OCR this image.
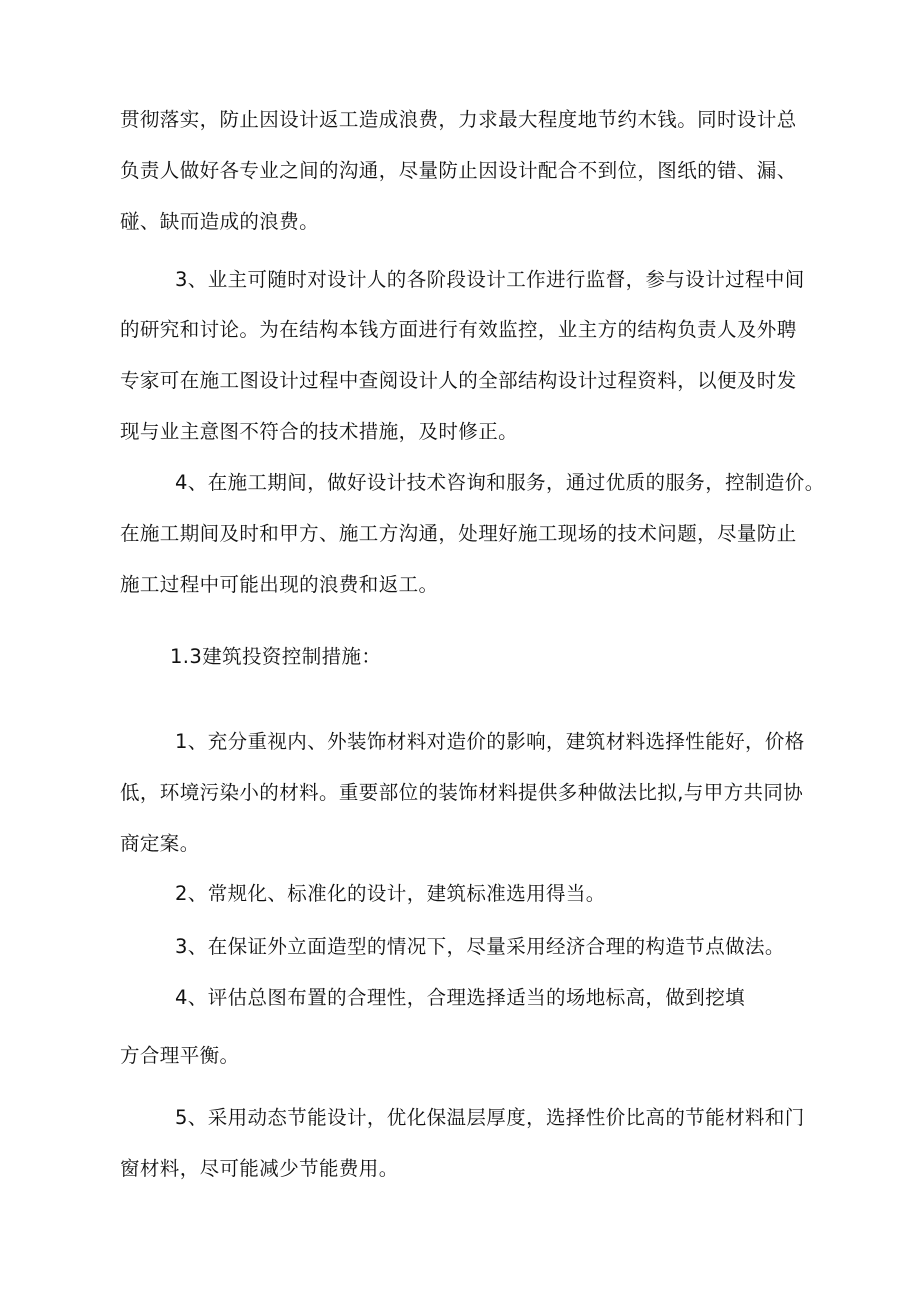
贯彻落实，防止因设计返工造成浪费，力求最大程度地节约木钱。同时设计总
负责人做好各专业之间的沟通，尽量防止因设计配合不到位，图纸的错、漏、
碰、缺而造成的浪费。
3、业主可随时对设计人的各阶段设计工作进行监督，参与设计过程中间
的研究和讨论。为在结构本钱方面进行有效监控，业主方的结构负责人及外聘
专家可在施工图设计过程中查阅设计人的全部结构设计过程资料，以便及时发
现与业主意图不符合的技术措施，及时修正。
4、在施工期间，做好设计技术咨询和服务，通过优质的服务，控制造价。
在施工期间及时和甲方、施工方沟通，处理好施工现场的技术问题，尽量防止
施工过程中可能出现的浪费和返工。
1.3建筑投资控制措施：
1、充分重视内、外装饰材料对造价的影响，建筑材料选择性能好，价格
低，环境污染小的材料。重要部位的装饰材料提供多种做法比拟,与甲方共同协
商定案。
2、常规化、标准化的设计，建筑标准选用得当。
3、在保证外立面造型的情况下，尽量采用经济合理的构造节点做法。
4、评估总图布置的合理性，合理选择适当的场地标高，做到挖填
方合理平衡。
5、采用动态节能设计，优化保温层厚度，选择性价比高的节能材料和门
窗材料，尽可能减少节能费用。
